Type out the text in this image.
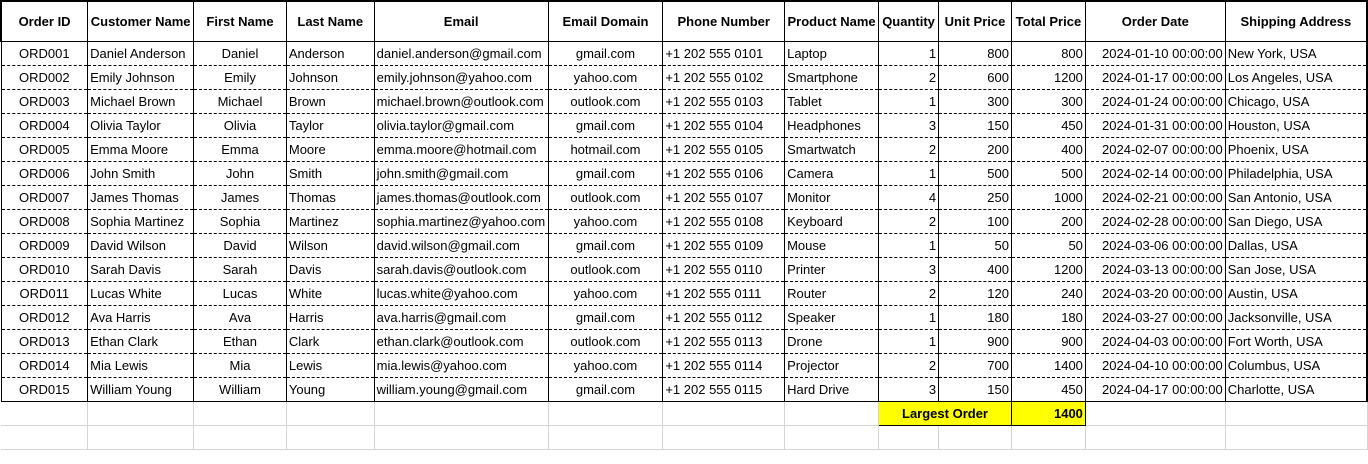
Order ID	Customer Name	First Name	Last Name	Email	Email Domain	Phone Number	Product Name	Quantity	Unit Price	Total Price	Order Date	Shipping Address
ORD001	Daniel Anderson	Daniel	Anderson	daniel.anderson@gmail.com	gmail.com	+1 202 555 0101	Laptop	1	800	800	2024-01-10 00:00:00	New York, USA
ORD002	Emily Johnson	Emily	Johnson	emily.johnson@yahoo.com	yahoo.com	+1 202 555 0102	Smartphone	2	600	1200	2024-01-17 00:00:00	Los Angeles, USA
ORD003	Michael Brown	Michael	Brown	michael.brown@outlook.com	outlook.com	+1 202 555 0103	Tablet	1	300	300	2024-01-24 00:00:00	Chicago, USA
ORD004	Olivia Taylor	Olivia	Taylor	olivia.taylor@gmail.com	gmail.com	+1 202 555 0104	Headphones	3	150	450	2024-01-31 00:00:00	Houston, USA
ORD005	Emma Moore	Emma	Moore	emma.moore@hotmail.com	hotmail.com	+1 202 555 0105	Smartwatch	2	200	400	2024-02-07 00:00:00	Phoenix, USA
ORD006	John Smith	John	Smith	john.smith@gmail.com	gmail.com	+1 202 555 0106	Camera	1	500	500	2024-02-14 00:00:00	Philadelphia, USA
ORD007	James Thomas	James	Thomas	james.thomas@outlook.com	outlook.com	+1 202 555 0107	Monitor	4	250	1000	2024-02-21 00:00:00	San Antonio, USA
ORD008	Sophia Martinez	Sophia	Martinez	sophia.martinez@yahoo.com	yahoo.com	+1 202 555 0108	Keyboard	2	100	200	2024-02-28 00:00:00	San Diego, USA
ORD009	David Wilson	David	Wilson	david.wilson@gmail.com	gmail.com	+1 202 555 0109	Mouse	1	50	50	2024-03-06 00:00:00	Dallas, USA
ORD010	Sarah Davis	Sarah	Davis	sarah.davis@outlook.com	outlook.com	+1 202 555 0110	Printer	3	400	1200	2024-03-13 00:00:00	San Jose, USA
ORD011	Lucas White	Lucas	White	lucas.white@yahoo.com	yahoo.com	+1 202 555 0111	Router	2	120	240	2024-03-20 00:00:00	Austin, USA
ORD012	Ava Harris	Ava	Harris	ava.harris@gmail.com	gmail.com	+1 202 555 0112	Speaker	1	180	180	2024-03-27 00:00:00	Jacksonville, USA
ORD013	Ethan Clark	Ethan	Clark	ethan.clark@outlook.com	outlook.com	+1 202 555 0113	Drone	1	900	900	2024-04-03 00:00:00	Fort Worth, USA
ORD014	Mia Lewis	Mia	Lewis	mia.lewis@yahoo.com	yahoo.com	+1 202 555 0114	Projector	2	700	1400	2024-04-10 00:00:00	Columbus, USA
ORD015	William Young	William	Young	william.young@gmail.com	gmail.com	+1 202 555 0115	Hard Drive	3	150	450	2024-04-17 00:00:00	Charlotte, USA
								Largest Order		1400		
